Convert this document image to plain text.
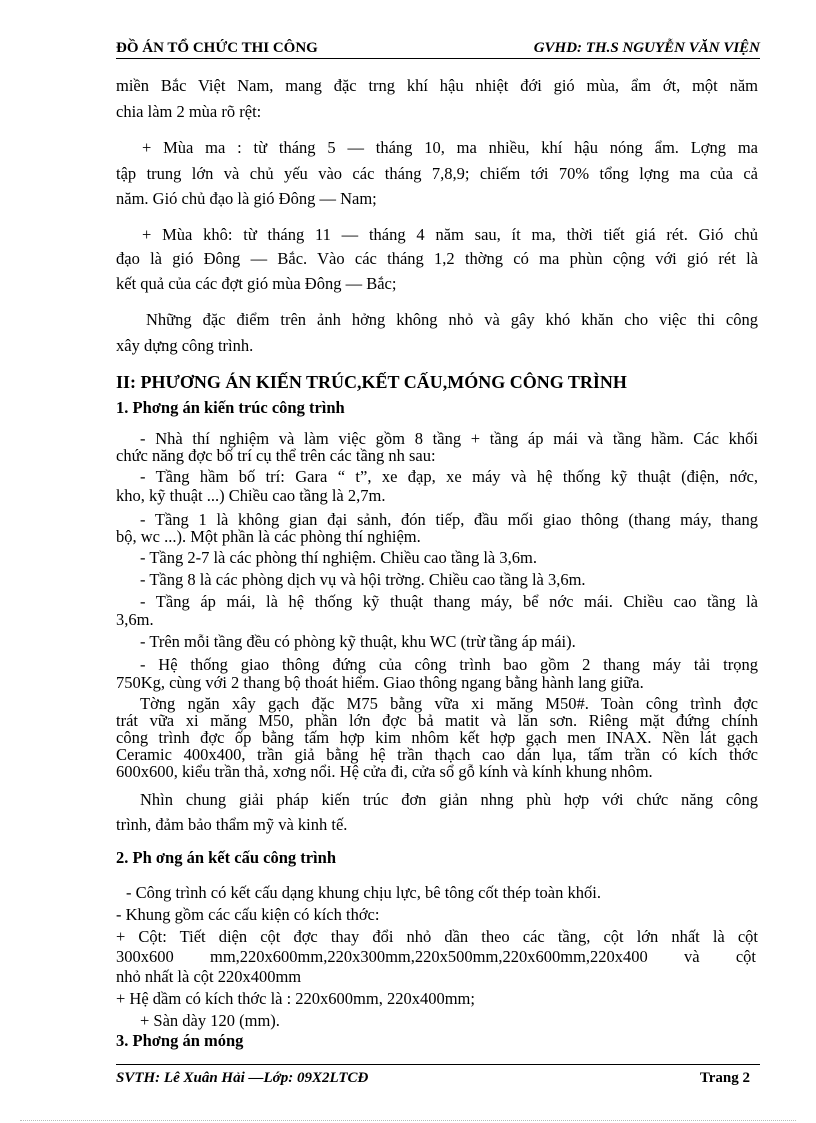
ĐỒ ÁN TỔ CHỨC THI CÔNG	GVHD: TH.S NGUYỄN VĂN VIỆN
miền Bắc Việt Nam, mang đặc trng khí hậu nhiệt đới gió mùa, ẩm ớt, một năm
chia làm 2 mùa rõ rệt:
+ Mùa ma : từ tháng 5 — tháng 10, ma nhiều, khí hậu nóng ẩm. Lợng ma
tập trung lớn và chủ yếu vào các tháng 7,8,9; chiếm tới 70% tổng lợng ma của cả
năm. Gió chủ đạo là gió Đông — Nam;
+ Mùa khô: từ tháng 11 — tháng 4 năm sau, ít ma, thời tiết giá rét. Gió chủ
đạo là gió Đông — Bắc. Vào các tháng 1,2 thờng có ma phùn cộng với gió rét là
kết quả của các đợt gió mùa Đông — Bắc;
Những đặc điểm trên ảnh hởng không nhỏ và gây khó khăn cho việc thi công
xây dựng công trình.
II: PHƯƠNG ÁN KIẾN TRÚC,KẾT CẤU,MÓNG CÔNG TRÌNH
1. Phơng án kiến trúc công trình
- Nhà thí nghiệm và làm việc gồm 8 tầng + tầng áp mái và tầng hầm. Các khối
chức năng đợc bố trí cụ thể trên các tầng nh sau:
- Tầng hầm bố trí: Gara “ t”, xe đạp, xe máy và hệ thống kỹ thuật (điện, nớc,
kho, kỹ thuật ...) Chiều cao tầng là 2,7m.
- Tầng 1 là không gian đại sảnh, đón tiếp, đầu mối giao thông (thang máy, thang
bộ, wc ...). Một phần là các phòng thí nghiệm.
- Tầng 2-7 là các phòng thí nghiệm. Chiều cao tầng là 3,6m.
- Tầng 8 là các phòng dịch vụ và hội trờng. Chiều cao tầng là 3,6m.
- Tầng áp mái, là hệ thống kỹ thuật thang máy, bể nớc mái. Chiều cao tầng là
3,6m.
- Trên mỗi tầng đều có phòng kỹ thuật, khu WC (trừ tầng áp mái).
- Hệ thống giao thông đứng của công trình bao gồm 2 thang máy tải trọng
750Kg, cùng với 2 thang bộ thoát hiểm. Giao thông ngang bằng hành lang giữa.
Tờng ngăn xây gạch đặc M75 bằng vữa xi măng M50#. Toàn công trình đợc
trát vữa xi măng M50, phần lớn đợc bả matit và lăn sơn. Riêng mặt đứng chính
công trình đợc ốp bằng tấm hợp kim nhôm kết hợp gạch men INAX. Nền lát gạch
Ceramic 400x400, trần giả bằng hệ trần thạch cao dán lụa, tấm trần có kích thớc
600x600, kiểu trần thả, xơng nổi. Hệ cửa đi, cửa sổ gỗ kính và kính khung nhôm.
Nhìn chung giải pháp kiến trúc đơn giản nhng phù hợp với chức năng công
trình, đảm bảo thẩm mỹ và kinh tế.
2. Ph ơng án kết cấu công trình
- Công trình có kết cấu dạng khung chịu lực, bê tông cốt thép toàn khối.
- Khung gồm các cấu kiện có kích thớc:
+ Cột: Tiết diện cột đợc thay đổi nhỏ dần theo các tầng, cột lớn nhất là cột
300x600 mm,220x600mm,220x300mm,220x500mm,220x600mm,220x400 và cột
nhỏ nhất là cột 220x400mm
+ Hệ dầm có kích thớc là : 220x600mm, 220x400mm;
+ Sàn dày 120 (mm).
3. Phơng án móng
SVTH: Lê Xuân Hải —Lớp: 09X2LTCĐ	Trang 2
